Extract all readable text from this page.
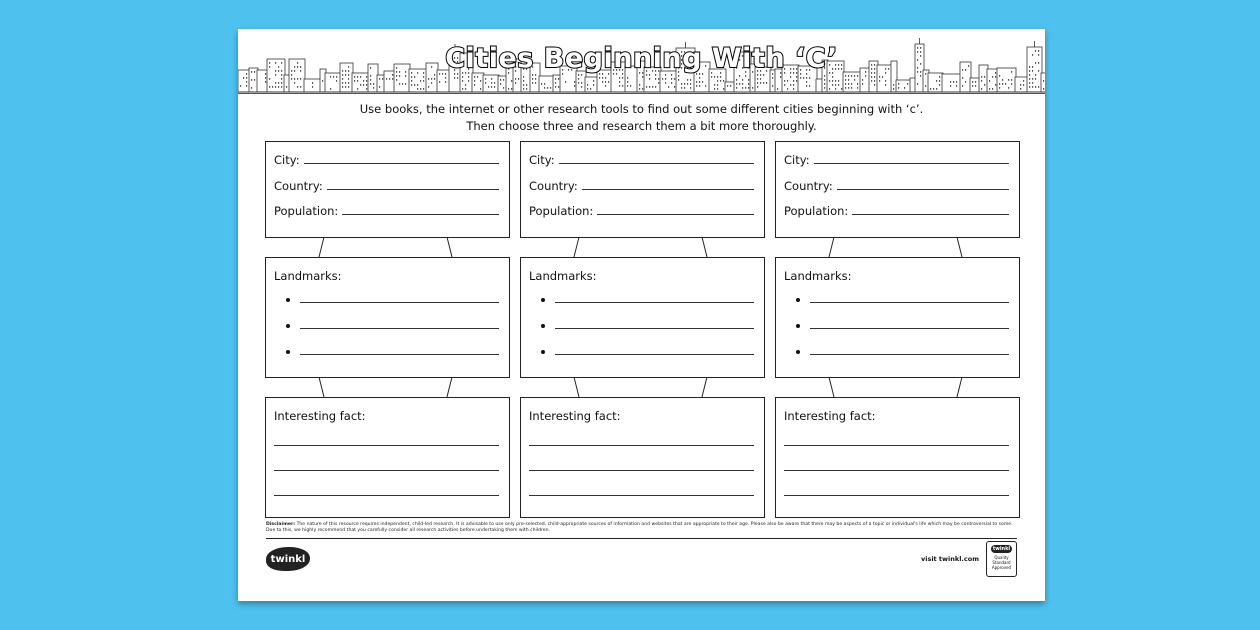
Cities Beginning With ‘C’
Use books, the internet or other research tools to find out some different cities beginning with ‘c’.
Then choose three and research them a bit more thoroughly.
City:
Country:
Population:
Landmarks:
Interesting fact:
City:
Country:
Population:
Landmarks:
Interesting fact:
City:
Country:
Population:
Landmarks:
Interesting fact:
Disclaimer: The nature of this resource requires independent, child-led research. It is advisable to use only pre-selected, child-appropriate sources of information and websites that are appropriate to their age. Please also be aware that there may be aspects of a topic or individual's life which may be controversial to some. Due to this, we highly recommend that you carefully consider all research activities before undertaking them with children.
twinkl	visit twinkl.com
twinkl
Quality Standard Approved
